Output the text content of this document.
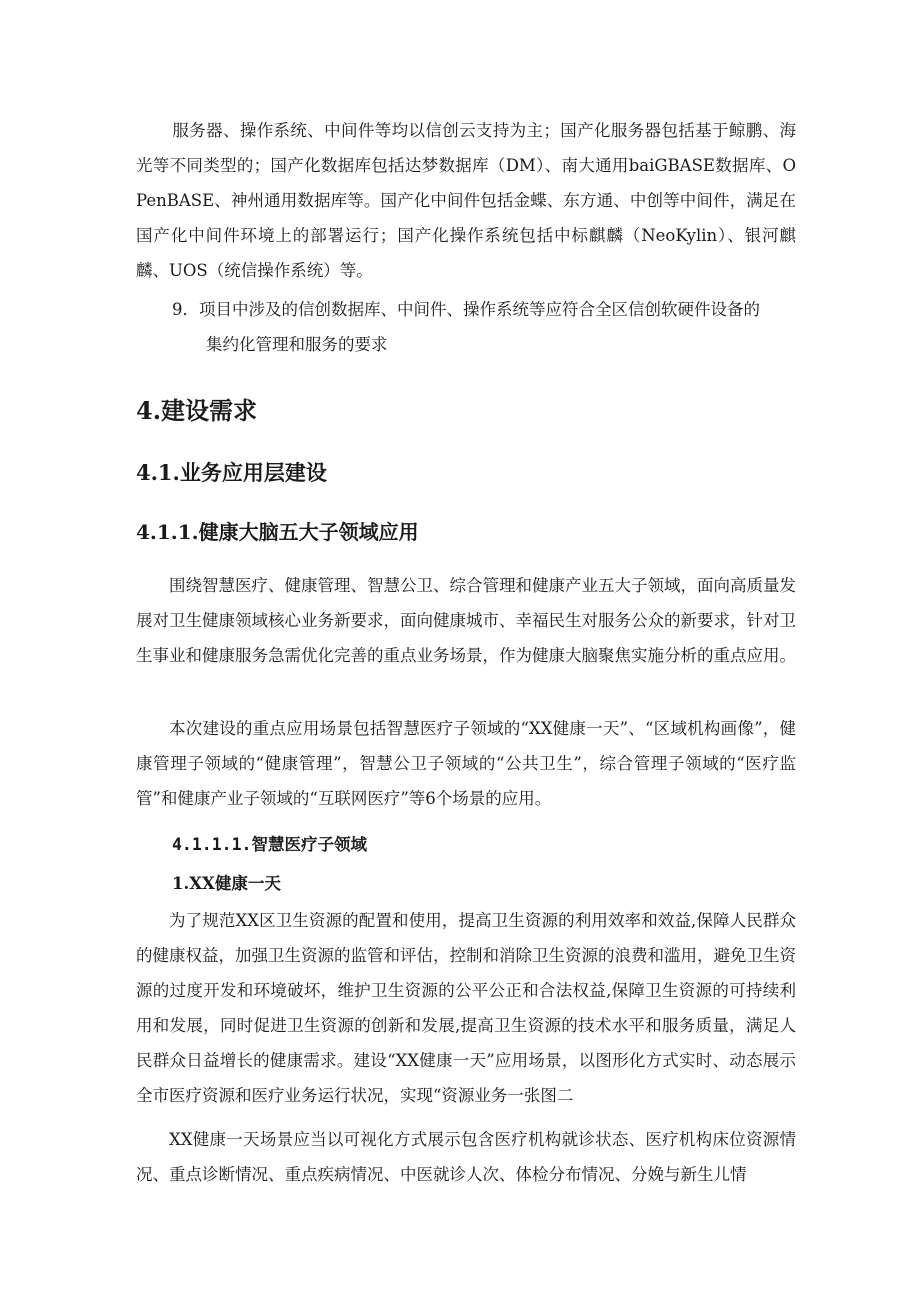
服务器、操作系统、中间件等均以信创云支持为主；国产化服务器包括基于鲸鹏、海光等不同类型的；国产化数据库包括达梦数据库（DM）、南大通用baiGBASE数据库、OPenBASE、神州通用数据库等。国产化中间件包括金蝶、东方通、中创等中间件，满足在国产化中间件环境上的部署运行；国产化操作系统包括中标麒麟（NeoKylin）、银河麒麟、UOS（统信操作系统）等。

9．项目中涉及的信创数据库、中间件、操作系统等应符合全区信创软硬件设备的
集约化管理和服务的要求
4.建设需求
4.1.业务应用层建设
4.1.1.健康大脑五大子领域应用

围绕智慧医疗、健康管理、智慧公卫、综合管理和健康产业五大子领域，面向高质量发展对卫生健康领域核心业务新要求，面向健康城市、幸福民生对服务公众的新要求，针对卫生事业和健康服务急需优化完善的重点业务场景，作为健康大脑聚焦实施分析的重点应用。

本次建设的重点应用场景包括智慧医疗子领域的“XX健康一天”、“区域机构画像”，健康管理子领域的“健康管理”，智慧公卫子领域的“公共卫生”，综合管理子领域的“医疗监管”和健康产业子领域的“互联网医疗”等6个场景的应用。

4.1.1.1.智慧医疗子领域
1.XX健康一天

为了规范XX区卫生资源的配置和使用，提高卫生资源的利用效率和效益,保障人民群众的健康权益，加强卫生资源的监管和评估，控制和消除卫生资源的浪费和滥用，避免卫生资源的过度开发和环境破坏，维护卫生资源的公平公正和合法权益,保障卫生资源的可持续利用和发展，同时促进卫生资源的创新和发展,提高卫生资源的技术水平和服务质量，满足人民群众日益增长的健康需求。建设“XX健康一天”应用场景，以图形化方式实时、动态展示全市医疗资源和医疗业务运行状况，实现“资源业务一张图二

XX健康一天场景应当以可视化方式展示包含医疗机构就诊状态、医疗机构床位资源情况、重点诊断情况、重点疾病情况、中医就诊人次、体检分布情况、分娩与新生儿情
